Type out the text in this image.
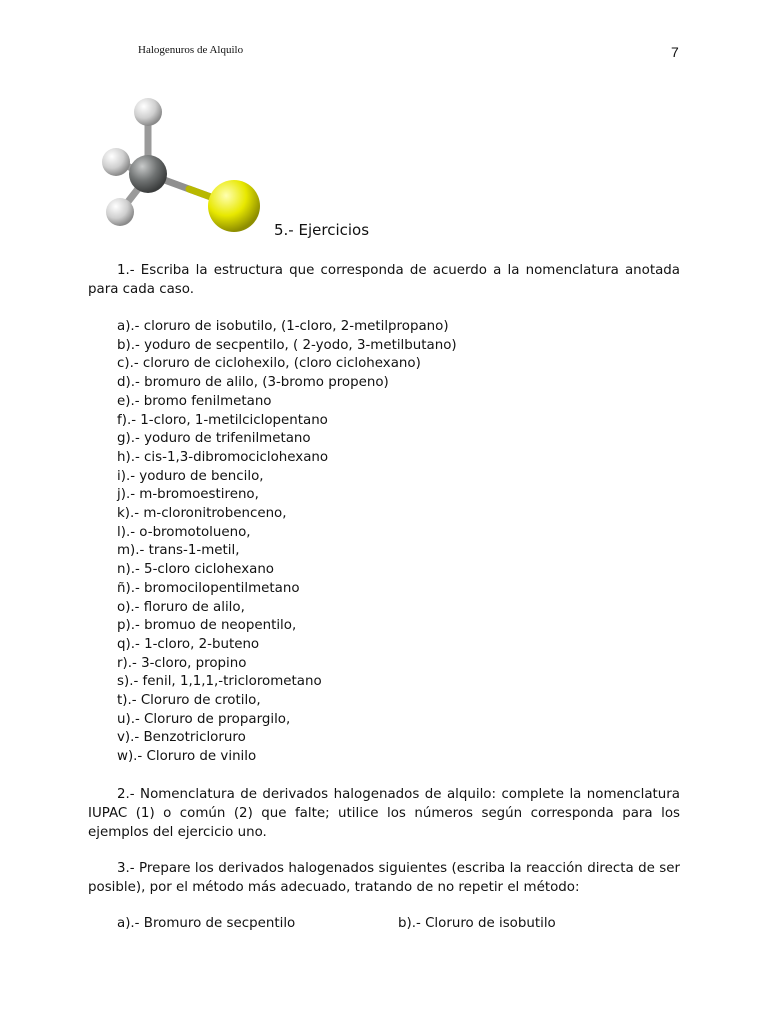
Halogenuros de Alquilo	7
5.- Ejercicios
1.- Escriba la estructura que corresponda de acuerdo a la nomenclatura anotada para cada caso.
a).- cloruro de isobutilo, (1-cloro, 2-metilpropano)
b).- yoduro de secpentilo, ( 2-yodo, 3-metilbutano)
c).- cloruro de ciclohexilo, (cloro ciclohexano)
d).- bromuro de alilo, (3-bromo propeno)
e).- bromo fenilmetano
f).- 1-cloro, 1-metilciclopentano
g).- yoduro de trifenilmetano
h).- cis-1,3-dibromociclohexano
i).- yoduro de bencilo,
j).- m-bromoestireno,
k).- m-cloronitrobenceno,
l).- o-bromotolueno,
m).- trans-1-metil,
n).- 5-cloro ciclohexano
ñ).- bromocilopentilmetano
o).- floruro de alilo,
p).- bromuo de neopentilo,
q).- 1-cloro, 2-buteno
r).- 3-cloro, propino
s).- fenil, 1,1,1,-triclorometano
t).- Cloruro de crotilo,
u).- Cloruro de propargilo,
v).- Benzotricloruro
w).- Cloruro de vinilo
2.- Nomenclatura de derivados halogenados de alquilo: complete la nomenclatura IUPAC (1) o común (2) que falte; utilice los números según corresponda para los ejemplos del ejercicio uno.
3.- Prepare los derivados halogenados siguientes (escriba la reacción directa de ser posible), por el método más adecuado, tratando de no repetir el método:
a).- Bromuro de secpentilo	b).- Cloruro de isobutilo
